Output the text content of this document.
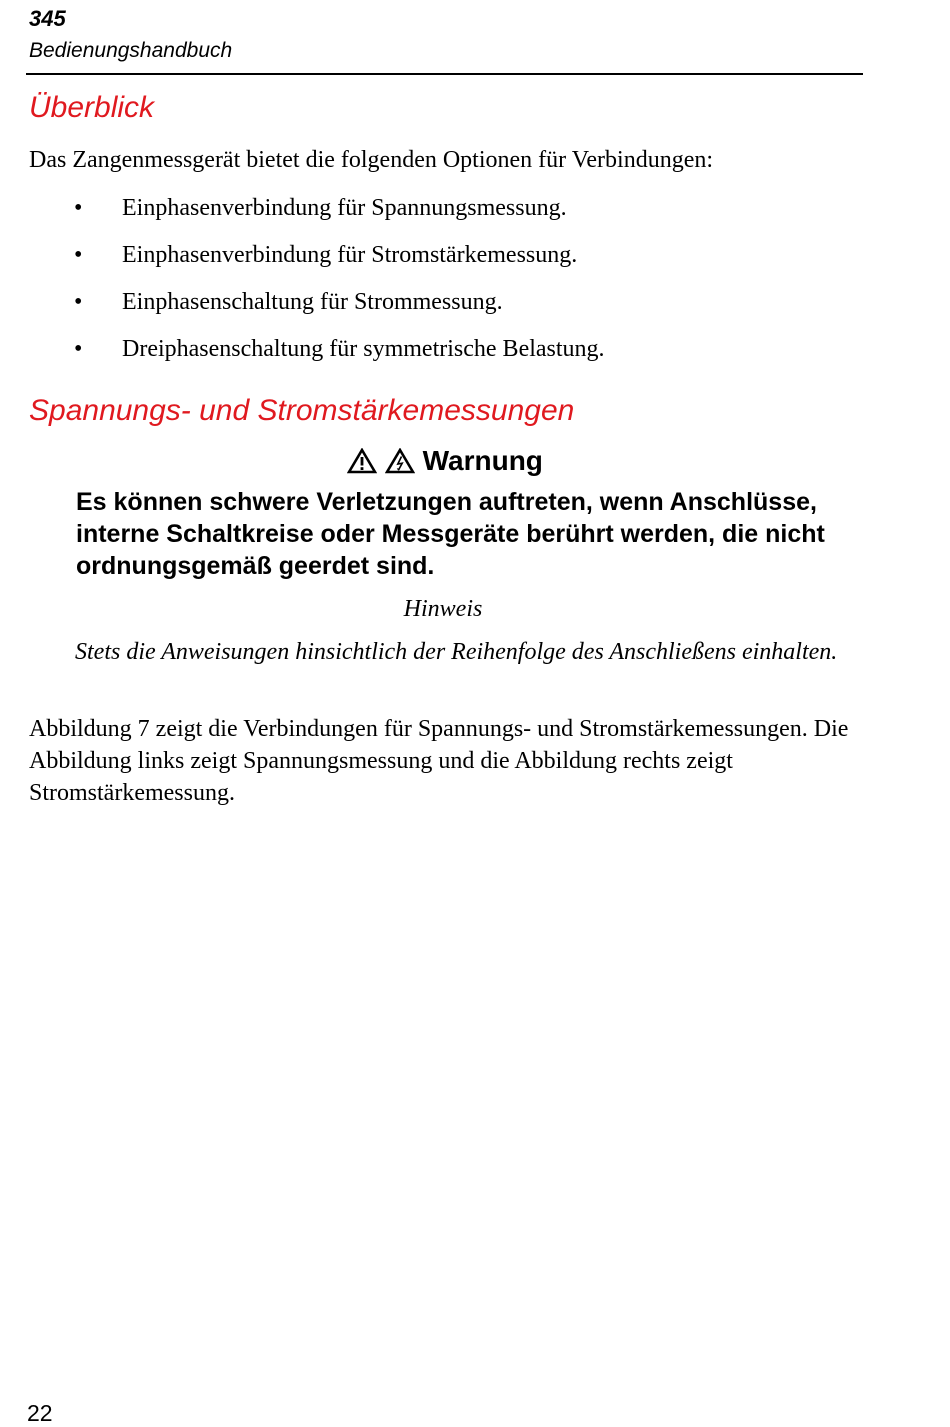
345
Bedienungshandbuch
Überblick
Das Zangenmessgerät bietet die folgenden Optionen für Verbindungen:
• Einphasenverbindung für Spannungsmessung.
• Einphasenverbindung für Stromstärkemessung.
• Einphasenschaltung für Strommessung.
• Dreiphasenschaltung für symmetrische Belastung.
Spannungs- und Stromstärkemessungen
Warnung
Es können schwere Verletzungen auftreten, wenn Anschlüsse, interne Schaltkreise oder Messgeräte berührt werden, die nicht ordnungsgemäß geerdet sind.
Hinweis
Stets die Anweisungen hinsichtlich der Reihenfolge des Anschließens einhalten.
Abbildung 7 zeigt die Verbindungen für Spannungs- und Stromstärkemessungen. Die Abbildung links zeigt Spannungsmessung und die Abbildung rechts zeigt Stromstärkemessung.
22
